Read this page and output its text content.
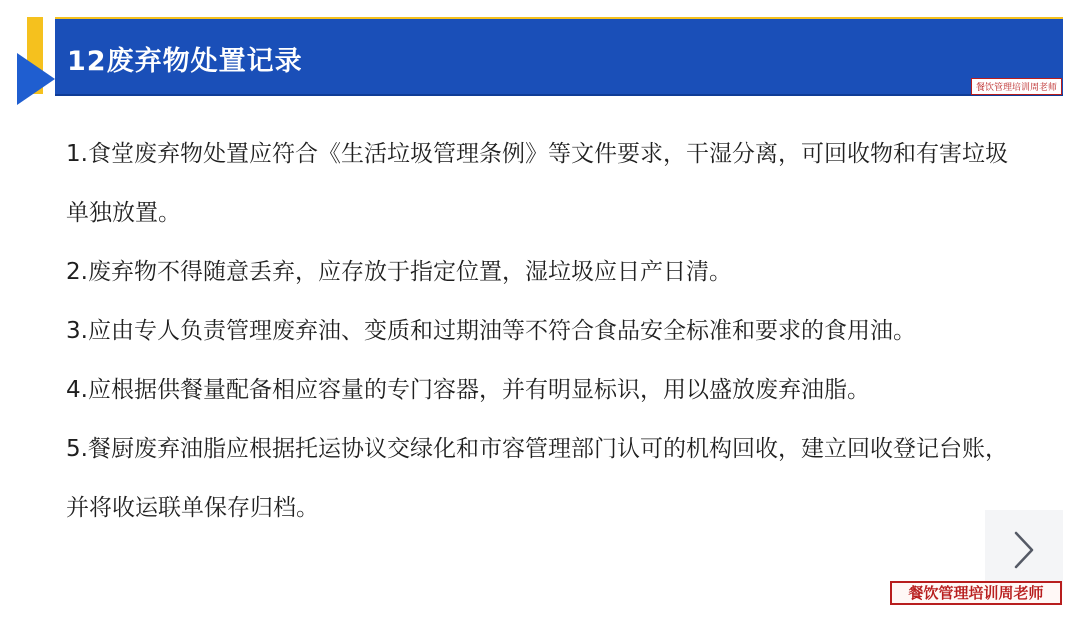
12废弃物处置记录
餐饮管理培训周老师

1.食堂废弃物处置应符合《生活垃圾管理条例》等文件要求，干湿分离，可回收物和有害垃圾单独放置。

2.废弃物不得随意丢弃，应存放于指定位置，湿垃圾应日产日清。

3.应由专人负责管理废弃油、变质和过期油等不符合食品安全标准和要求的食用油。

4.应根据供餐量配备相应容量的专门容器，并有明显标识，用以盛放废弃油脂。

5.餐厨废弃油脂应根据托运协议交绿化和市容管理部门认可的机构回收，建立回收登记台账，并将收运联单保存归档。

餐饮管理培训周老师
